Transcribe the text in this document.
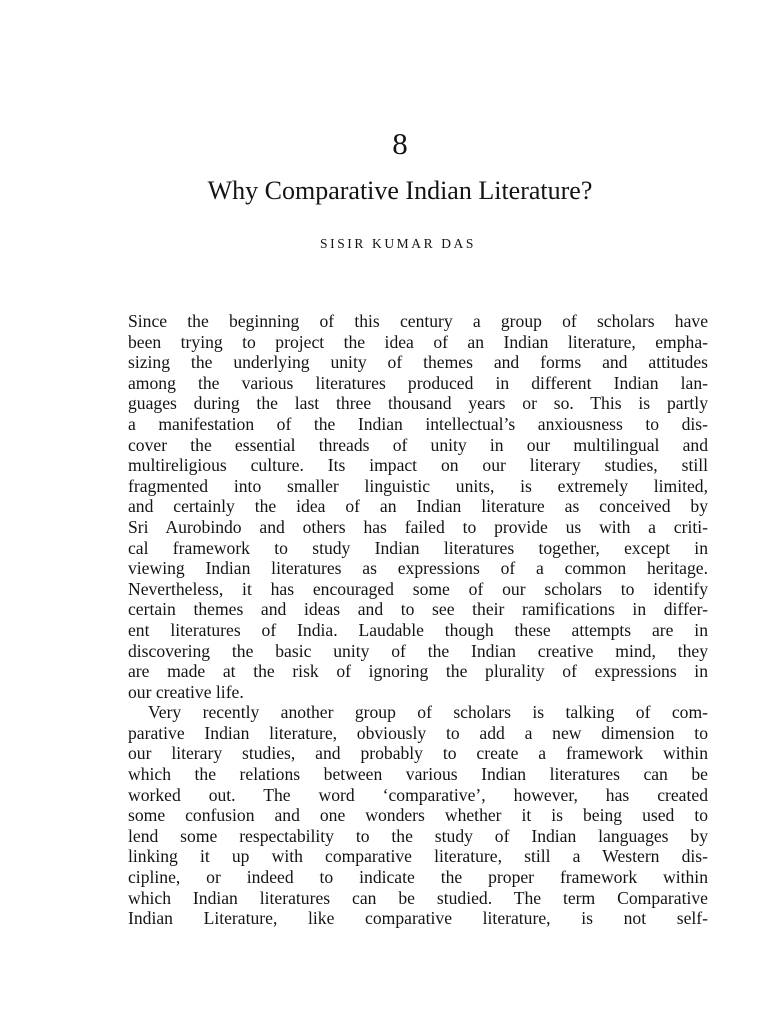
8
Why Comparative Indian Literature?
SISIR KUMAR DAS
Since the beginning of this century a group of scholars have
been trying to project the idea of an Indian literature, empha-
sizing the underlying unity of themes and forms and attitudes
among the various literatures produced in different Indian lan-
guages during the last three thousand years or so. This is partly
a manifestation of the Indian intellectual’s anxiousness to dis-
cover the essential threads of unity in our multilingual and
multireligious culture. Its impact on our literary studies, still
fragmented into smaller linguistic units, is extremely limited,
and certainly the idea of an Indian literature as conceived by
Sri Aurobindo and others has failed to provide us with a criti-
cal framework to study Indian literatures together, except in
viewing Indian literatures as expressions of a common heritage.
Nevertheless, it has encouraged some of our scholars to identify
certain themes and ideas and to see their ramifications in differ-
ent literatures of India. Laudable though these attempts are in
discovering the basic unity of the Indian creative mind, they
are made at the risk of ignoring the plurality of expressions in
our creative life.
Very recently another group of scholars is talking of com-
parative Indian literature, obviously to add a new dimension to
our literary studies, and probably to create a framework within
which the relations between various Indian literatures can be
worked out. The word ‘comparative’, however, has created
some confusion and one wonders whether it is being used to
lend some respectability to the study of Indian languages by
linking it up with comparative literature, still a Western dis-
cipline, or indeed to indicate the proper framework within
which Indian literatures can be studied. The term Comparative
Indian Literature, like comparative literature, is not self-
